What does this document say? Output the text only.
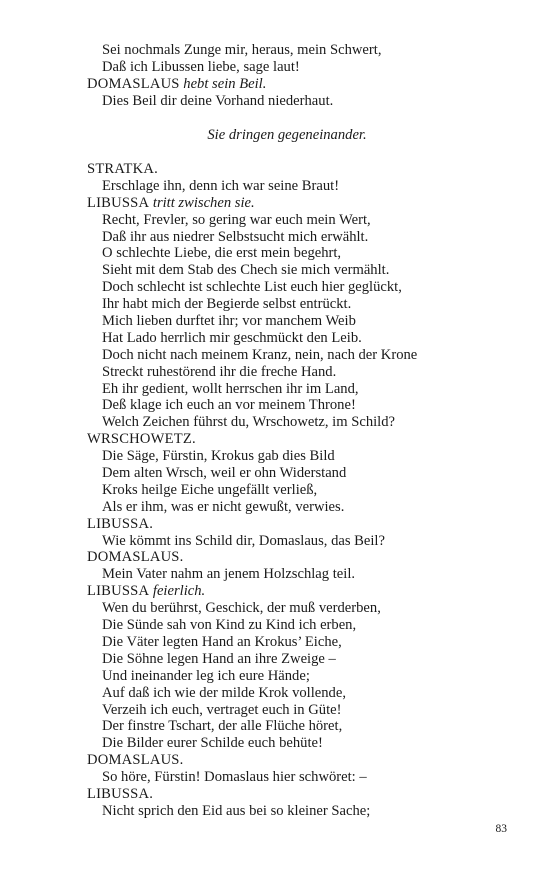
Sei nochmals Zunge mir, heraus, mein Schwert,
Daß ich Libussen liebe, sage laut!
DOMASLAUS hebt sein Beil.
Dies Beil dir deine Vorhand niederhaut.
Sie dringen gegeneinander.
STRATKA.
Erschlage ihn, denn ich war seine Braut!
LIBUSSA tritt zwischen sie.
Recht, Frevler, so gering war euch mein Wert,
Daß ihr aus niedrer Selbstsucht mich erwählt.
O schlechte Liebe, die erst mein begehrt,
Sieht mit dem Stab des Chech sie mich vermählt.
Doch schlecht ist schlechte List euch hier geglückt,
Ihr habt mich der Begierde selbst entrückt.
Mich lieben durftet ihr; vor manchem Weib
Hat Lado herrlich mir geschmückt den Leib.
Doch nicht nach meinem Kranz, nein, nach der Krone
Streckt ruhestörend ihr die freche Hand.
Eh ihr gedient, wollt herrschen ihr im Land,
Deß klage ich euch an vor meinem Throne!
Welch Zeichen führst du, Wrschowetz, im Schild?
WRSCHOWETZ.
Die Säge, Fürstin, Krokus gab dies Bild
Dem alten Wrsch, weil er ohn Widerstand
Kroks heilge Eiche ungefällt verließ,
Als er ihm, was er nicht gewußt, verwies.
LIBUSSA.
Wie kömmt ins Schild dir, Domaslaus, das Beil?
DOMASLAUS.
Mein Vater nahm an jenem Holzschlag teil.
LIBUSSA feierlich.
Wen du berührst, Geschick, der muß verderben,
Die Sünde sah von Kind zu Kind ich erben,
Die Väter legten Hand an Krokus’ Eiche,
Die Söhne legen Hand an ihre Zweige –
Und ineinander leg ich eure Hände;
Auf daß ich wie der milde Krok vollende,
Verzeih ich euch, vertraget euch in Güte!
Der finstre Tschart, der alle Flüche höret,
Die Bilder eurer Schilde euch behüte!
DOMASLAUS.
So höre, Fürstin! Domaslaus hier schwöret: –
LIBUSSA.
Nicht sprich den Eid aus bei so kleiner Sache;
83
